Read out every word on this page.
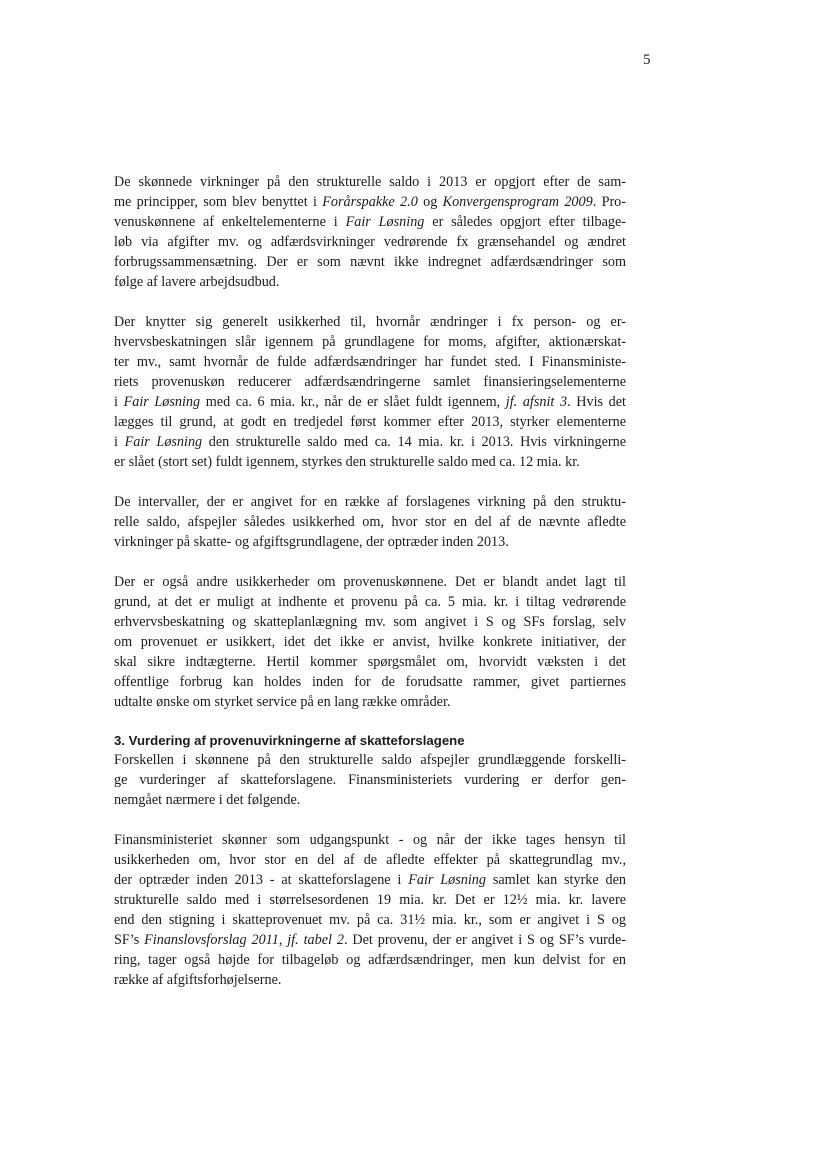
5

De skønnede virkninger på den strukturelle saldo i 2013 er opgjort efter de sam-
me principper, som blev benyttet i Forårspakke 2.0 og Konvergensprogram 2009. Pro-
venuskønnene af enkeltelementerne i Fair Løsning er således opgjort efter tilbage-
løb via afgifter mv. og adfærdsvirkninger vedrørende fx grænsehandel og ændret
forbrugssammensætning. Der er som nævnt ikke indregnet adfærdsændringer som
følge af lavere arbejdsudbud.

Der knytter sig generelt usikkerhed til, hvornår ændringer i fx person- og er-
hvervsbeskatningen slår igennem på grundlagene for moms, afgifter, aktionærskat-
ter mv., samt hvornår de fulde adfærdsændringer har fundet sted. I Finansministe-
riets provenuskøn reducerer adfærdsændringerne samlet finansieringselementerne
i Fair Løsning med ca. 6 mia. kr., når de er slået fuldt igennem, jf. afsnit 3. Hvis det
lægges til grund, at godt en tredjedel først kommer efter 2013, styrker elementerne
i Fair Løsning den strukturelle saldo med ca. 14 mia. kr. i 2013. Hvis virkningerne
er slået (stort set) fuldt igennem, styrkes den strukturelle saldo med ca. 12 mia. kr.

De intervaller, der er angivet for en række af forslagenes virkning på den struktu-
relle saldo, afspejler således usikkerhed om, hvor stor en del af de nævnte afledte
virkninger på skatte- og afgiftsgrundlagene, der optræder inden 2013.

Der er også andre usikkerheder om provenuskønnene. Det er blandt andet lagt til
grund, at det er muligt at indhente et provenu på ca. 5 mia. kr. i tiltag vedrørende
erhvervsbeskatning og skatteplanlægning mv. som angivet i S og SFs forslag, selv
om provenuet er usikkert, idet det ikke er anvist, hvilke konkrete initiativer, der
skal sikre indtægterne. Hertil kommer spørgsmålet om, hvorvidt væksten i det
offentlige forbrug kan holdes inden for de forudsatte rammer, givet partiernes
udtalte ønske om styrket service på en lang række områder.

3. Vurdering af provenuvirkningerne af skatteforslagene

Forskellen i skønnene på den strukturelle saldo afspejler grundlæggende forskelli-
ge vurderinger af skatteforslagene. Finansministeriets vurdering er derfor gen-
nemgået nærmere i det følgende.

Finansministeriet skønner som udgangspunkt - og når der ikke tages hensyn til
usikkerheden om, hvor stor en del af de afledte effekter på skattegrundlag mv.,
der optræder inden 2013 - at skatteforslagene i Fair Løsning samlet kan styrke den
strukturelle saldo med i størrelsesordenen 19 mia. kr. Det er 12½ mia. kr. lavere
end den stigning i skatteprovenuet mv. på ca. 31½ mia. kr., som er angivet i S og
SF’s Finanslovsforslag 2011, jf. tabel 2. Det provenu, der er angivet i S og SF’s vurde-
ring, tager også højde for tilbageløb og adfærdsændringer, men kun delvist for en
række af afgiftsforhøjelserne.
